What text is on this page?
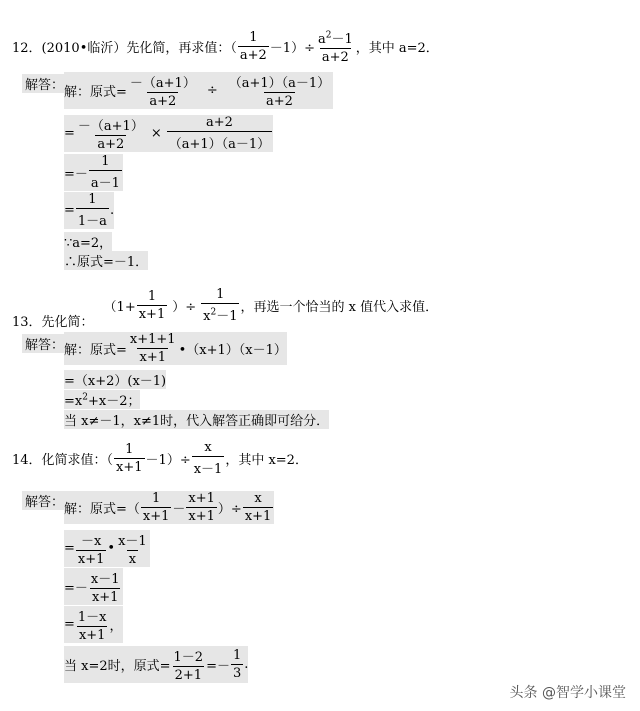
12．(2010•临沂）先化简，再求值：（ $\frac{1}{a+2} -1$ ）÷ $\frac{a^2-1}{a+2}$ ，其中 a=2．
解答： 解：原式= $\frac{-(a+1)}{a+2} \div \frac{(a+1)(a-1)}{a+2}$
= $\frac{-(a+1)}{a+2} \times \frac{a+2}{(a+1)(a-1)}$
=－ $\frac{1}{a-1}$
= $\frac{1}{1-a}$ .
∵a=2，
∴原式=－1．
13．先化简：
（$1+ \frac{1}{x+1}$ ）÷ $\frac{1}{x^2-1}$ ，再选一个恰当的 x 值代入求值．
解答： 解：原式= $\frac{x+1+1}{x+1}$ •（x+1）（x－1）
=（x+2）(x－1)
$=x^2+x-2$；
当 x≠－1，x≠1时，代入解答正确即可给分．
14．化简求值：（ $\frac{1}{x+1} -1)\div \frac{x}{x-1}$ ，其中 x=2．
解答： 解：原式=（ $\frac{1}{x+1} - \frac{x+1}{x+1}$ ）÷ $\frac{x}{x+1}$
= $\frac{-x}{x+1}$ • $\frac{x-1}{x}$
=－ $\frac{x-1}{x+1}$
= $\frac{1-x}{x+1}$ ，
当 x=2时，原式= $\frac{1-2}{2+1} =- \frac{1}{3}$ .
头条 @智学小课堂
